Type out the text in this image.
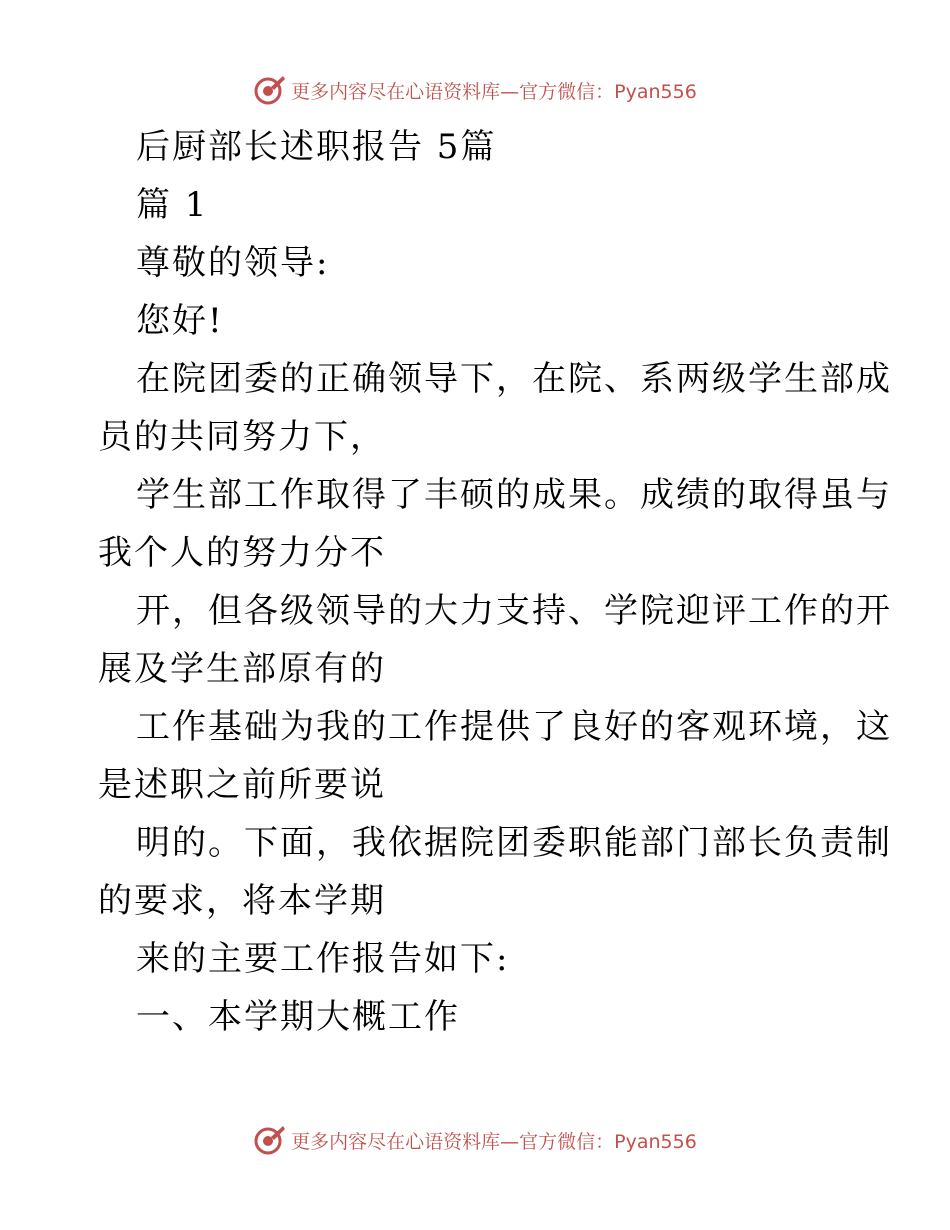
更多内容尽在心语资料库—官方微信：Pyan556
后厨部长述职报告 5篇
篇 1
尊敬的领导:
您好!
在院团委的正确领导下，在院、系两级学生部成
员的共同努力下，
学生部工作取得了丰硕的成果。成绩的取得虽与
我个人的努力分不
开，但各级领导的大力支持、学院迎评工作的开
展及学生部原有的
工作基础为我的工作提供了良好的客观环境，这
是述职之前所要说
明的。下面，我依据院团委职能部门部长负责制
的要求，将本学期
来的主要工作报告如下:
一、本学期大概工作
更多内容尽在心语资料库—官方微信：Pyan556
